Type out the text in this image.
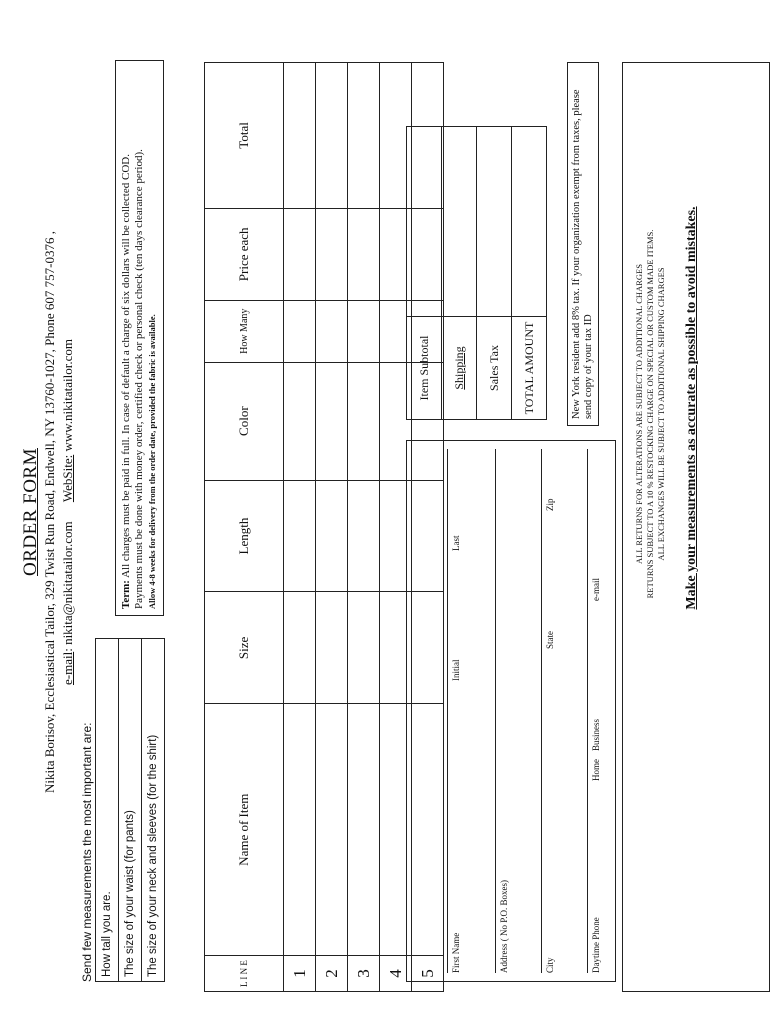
ORDER FORM Nikita Borisov, Ecclesiastical Tailor, 329 Twist Run Road, Endwell, NY 13760-1027, Phone 607 757-0376 , e-mail: nikita@nikitatailor.com      WebSite: www.nikitatailor.com
Send few measurements the most important are: How tall you are.
The size of your waist (for pants)
The size of your neck and sleeves (for the shirt)
Term: All charges must be paid in full. In case of default a charge of six dollars will be collected COD.
Payments must be done with money order, certified check or personal check (ten days clearance period). Allow 4-8 weeks for delivery from the order date, provided the fabric is available.
L I N E	Name of Item	Size	Length	Color	How Many	Price each	Total
1							
2							
3							
4							
5							
First Name
Initial
Last
Address ( No P.O. Boxes)	City
State
Zip
Daytime Phone
Home
Business
e-mail
Item Subtotal	
Shipping	
Sales Tax	
TOTAL AMOUNT		New York resident add 8% tax. If your organization exempt from taxes, please send copy of your tax ID	ALL RETURNS FOR ALTERATIONS ARE SUBJECT TO ADDITIONAL CHARGES RETURNS SUBJECT TO A 10 % RESTOCKING CHARGE ON SPECIAL OR CUSTOM MADE ITEMS. ALL EXCHANGES WILL BE SUBJECT TO ADDITIONAL SHIPPING CHARGES Make your measurements as accurate as possible to avoid mistakes.
